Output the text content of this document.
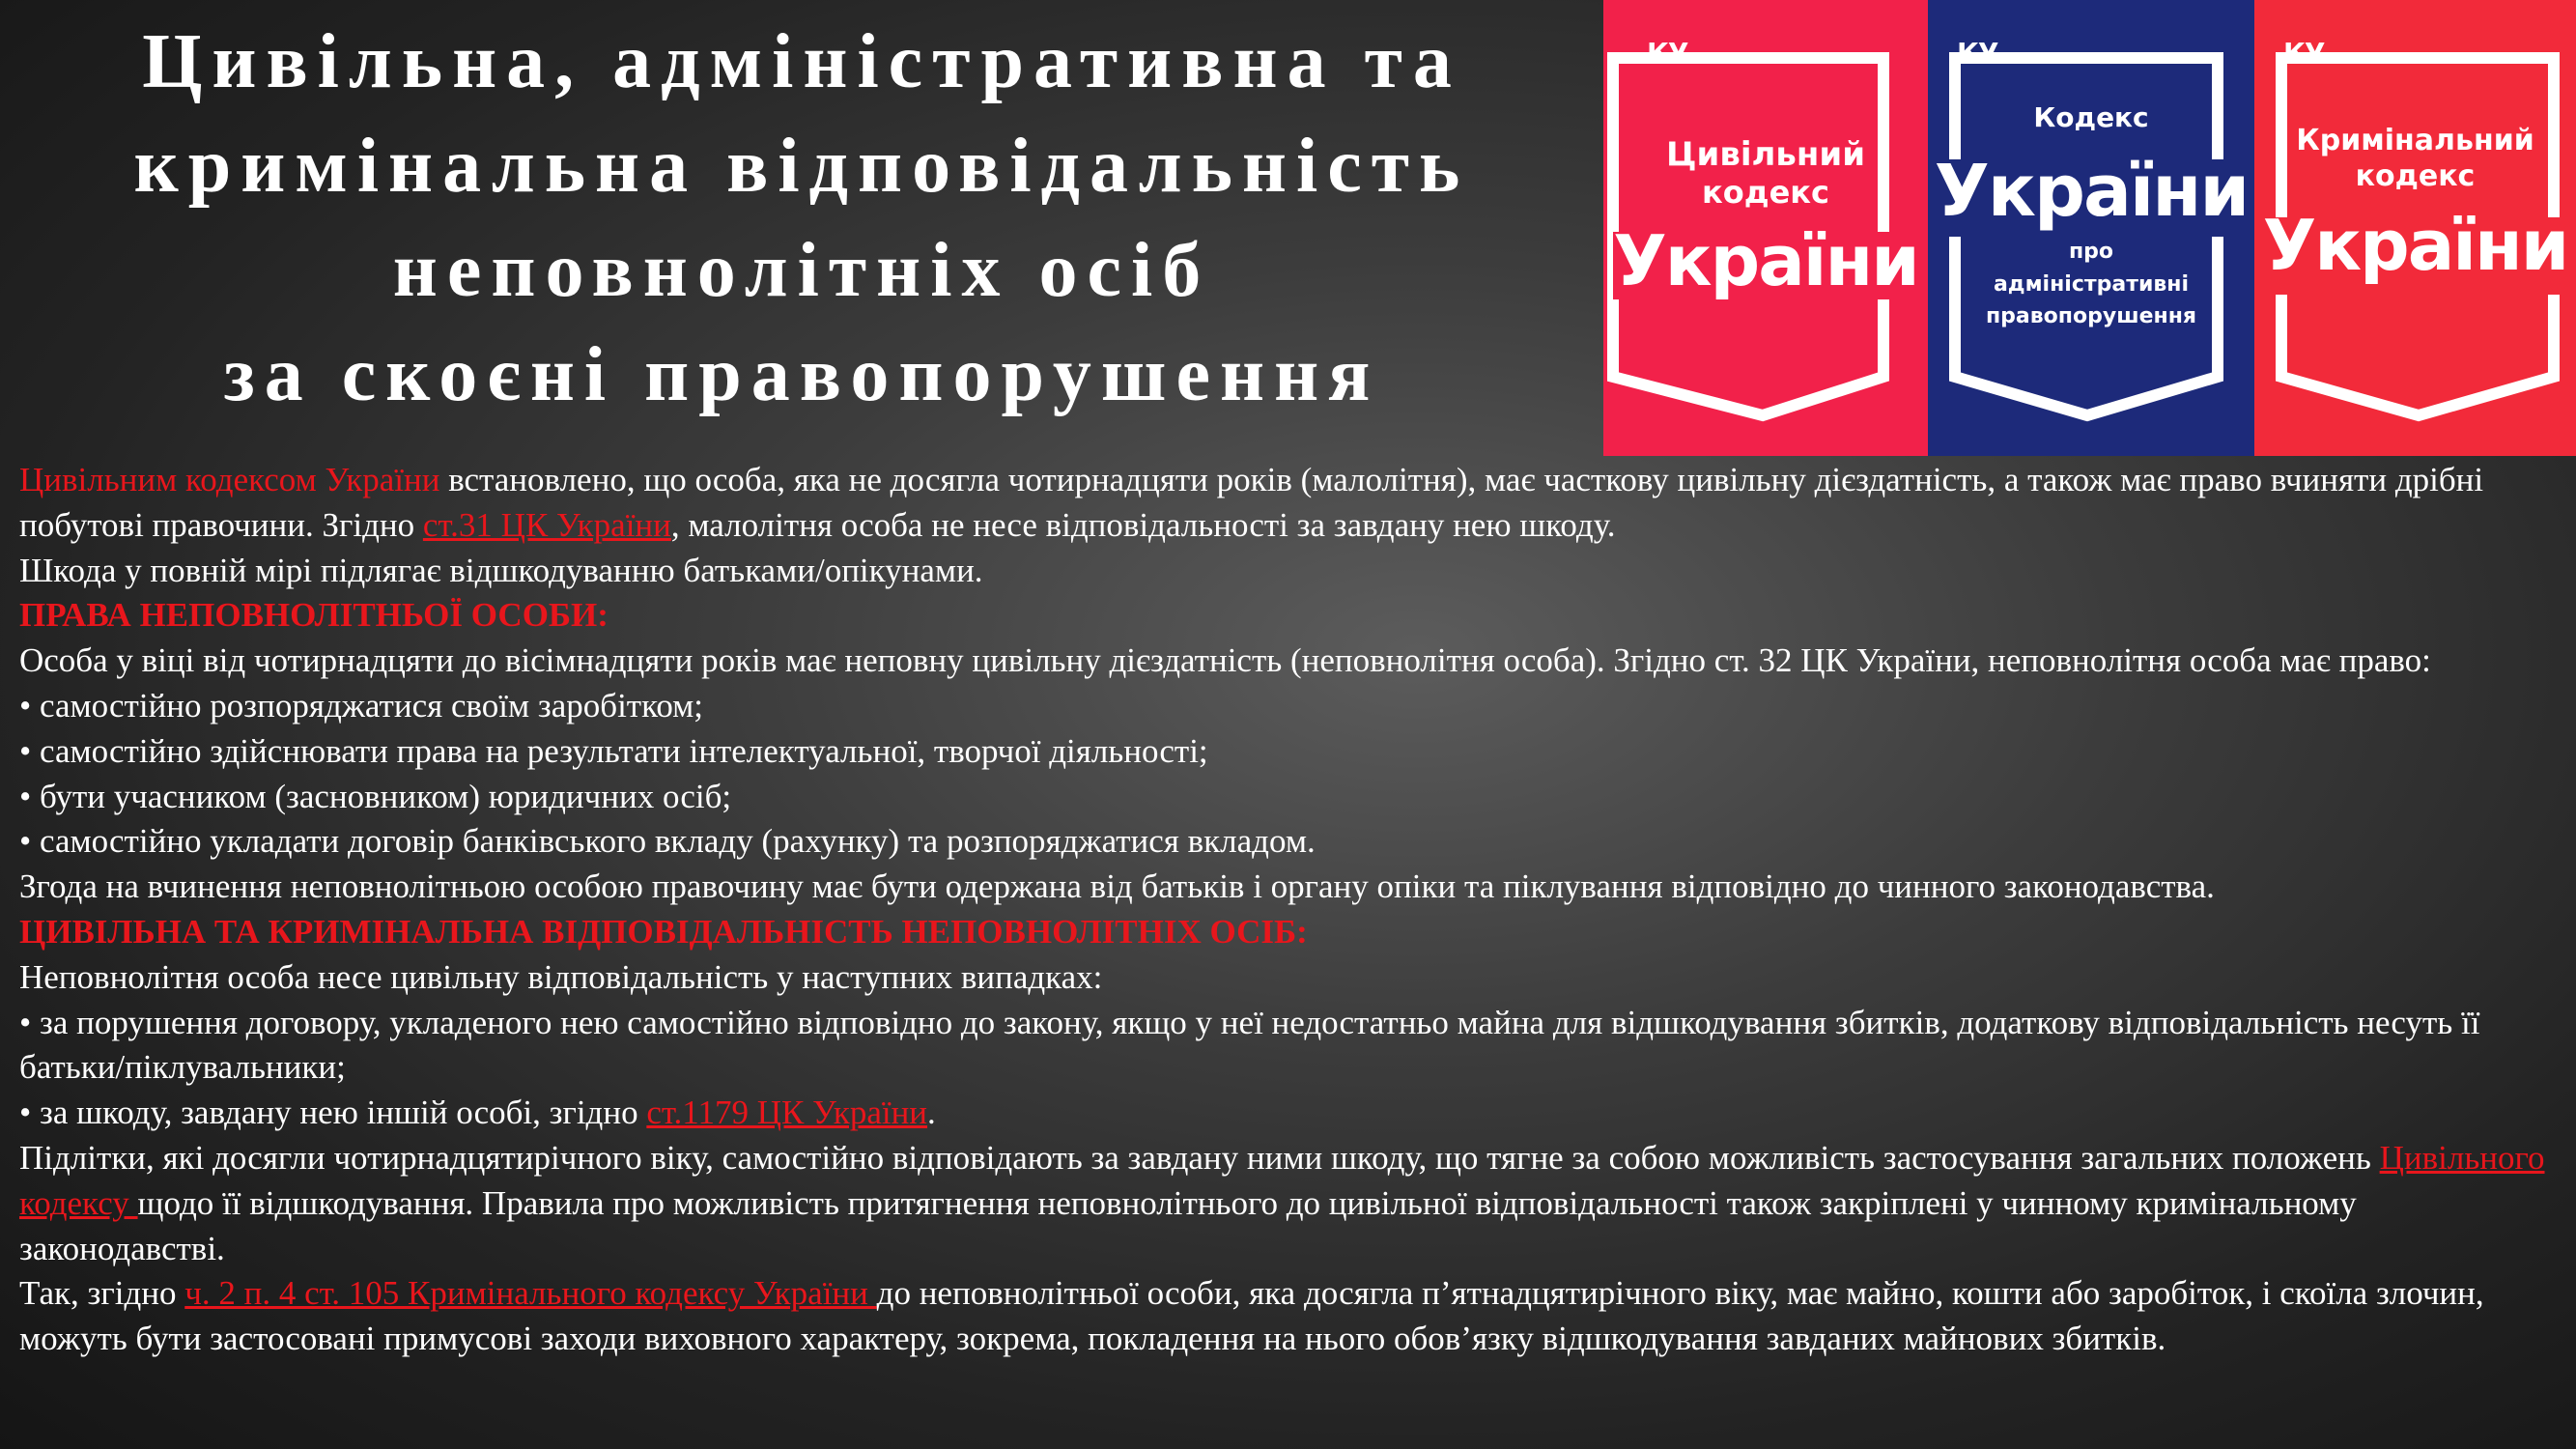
Цивільна, адміністративна та
кримінальна відповідальність
неповнолітніх осіб
за скоєні правопорушення
КУ
Цивільний
кодекс
України
КУ
Кодекс
України
про
адміністративні
правопорушення
КУ
Кримінальний
кодекс
України

Цивільним кодексом України встановлено, що особа, яка не досягла чотирнадцяти років (малолітня), має часткову цивільну дієздатність, а також має право вчиняти дрібні побутові правочини. Згідно ст.31 ЦК України, малолітня особа не несе відповідальності за завдану нею шкоду.

Шкода у повній мірі підлягає відшкодуванню батьками/опікунами.

ПРАВА НЕПОВНОЛІТНЬОЇ ОСОБИ:

Особа у віці від чотирнадцяти до вісімнадцяти років має неповну цивільну дієздатність (неповнолітня особа). Згідно ст. 32 ЦК України, неповнолітня особа має право:

• самостійно розпоряджатися своїм заробітком;

• самостійно здійснювати права на результати інтелектуальної, творчої діяльності;

• бути учасником (засновником) юридичних осіб;

• самостійно укладати договір банківського вкладу (рахунку) та розпоряджатися вкладом.

Згода на вчинення неповнолітньою особою правочину має бути одержана від батьків і органу опіки та піклування відповідно до чинного законодавства.

ЦИВІЛЬНА ТА КРИМІНАЛЬНА ВІДПОВІДАЛЬНІСТЬ НЕПОВНОЛІТНІХ ОСІБ:

Неповнолітня особа несе цивільну відповідальність у наступних випадках:

• за порушення договору, укладеного нею самостійно відповідно до закону, якщо у неї недостатньо майна для відшкодування збитків, додаткову відповідальність несуть її батьки/піклувальники;

• за шкоду, завдану нею іншій особі, згідно ст.1179 ЦК України.

Підлітки, які досягли чотирнадцятирічного віку, самостійно відповідають за завдану ними шкоду, що тягне за собою можливість застосування загальних положень Цивільного кодексу щодо її відшкодування. Правила про можливість притягнення неповнолітнього до цивільної відповідальності також закріплені у чинному кримінальному законодавстві.

Так, згідно ч. 2 п. 4 ст. 105 Кримінального кодексу України до неповнолітньої особи, яка досягла п’ятнадцятирічного віку, має майно, кошти або заробіток, і скоїла злочин, можуть бути застосовані примусові заходи виховного характеру, зокрема, покладення на нього обов’язку відшкодування завданих майнових збитків.
